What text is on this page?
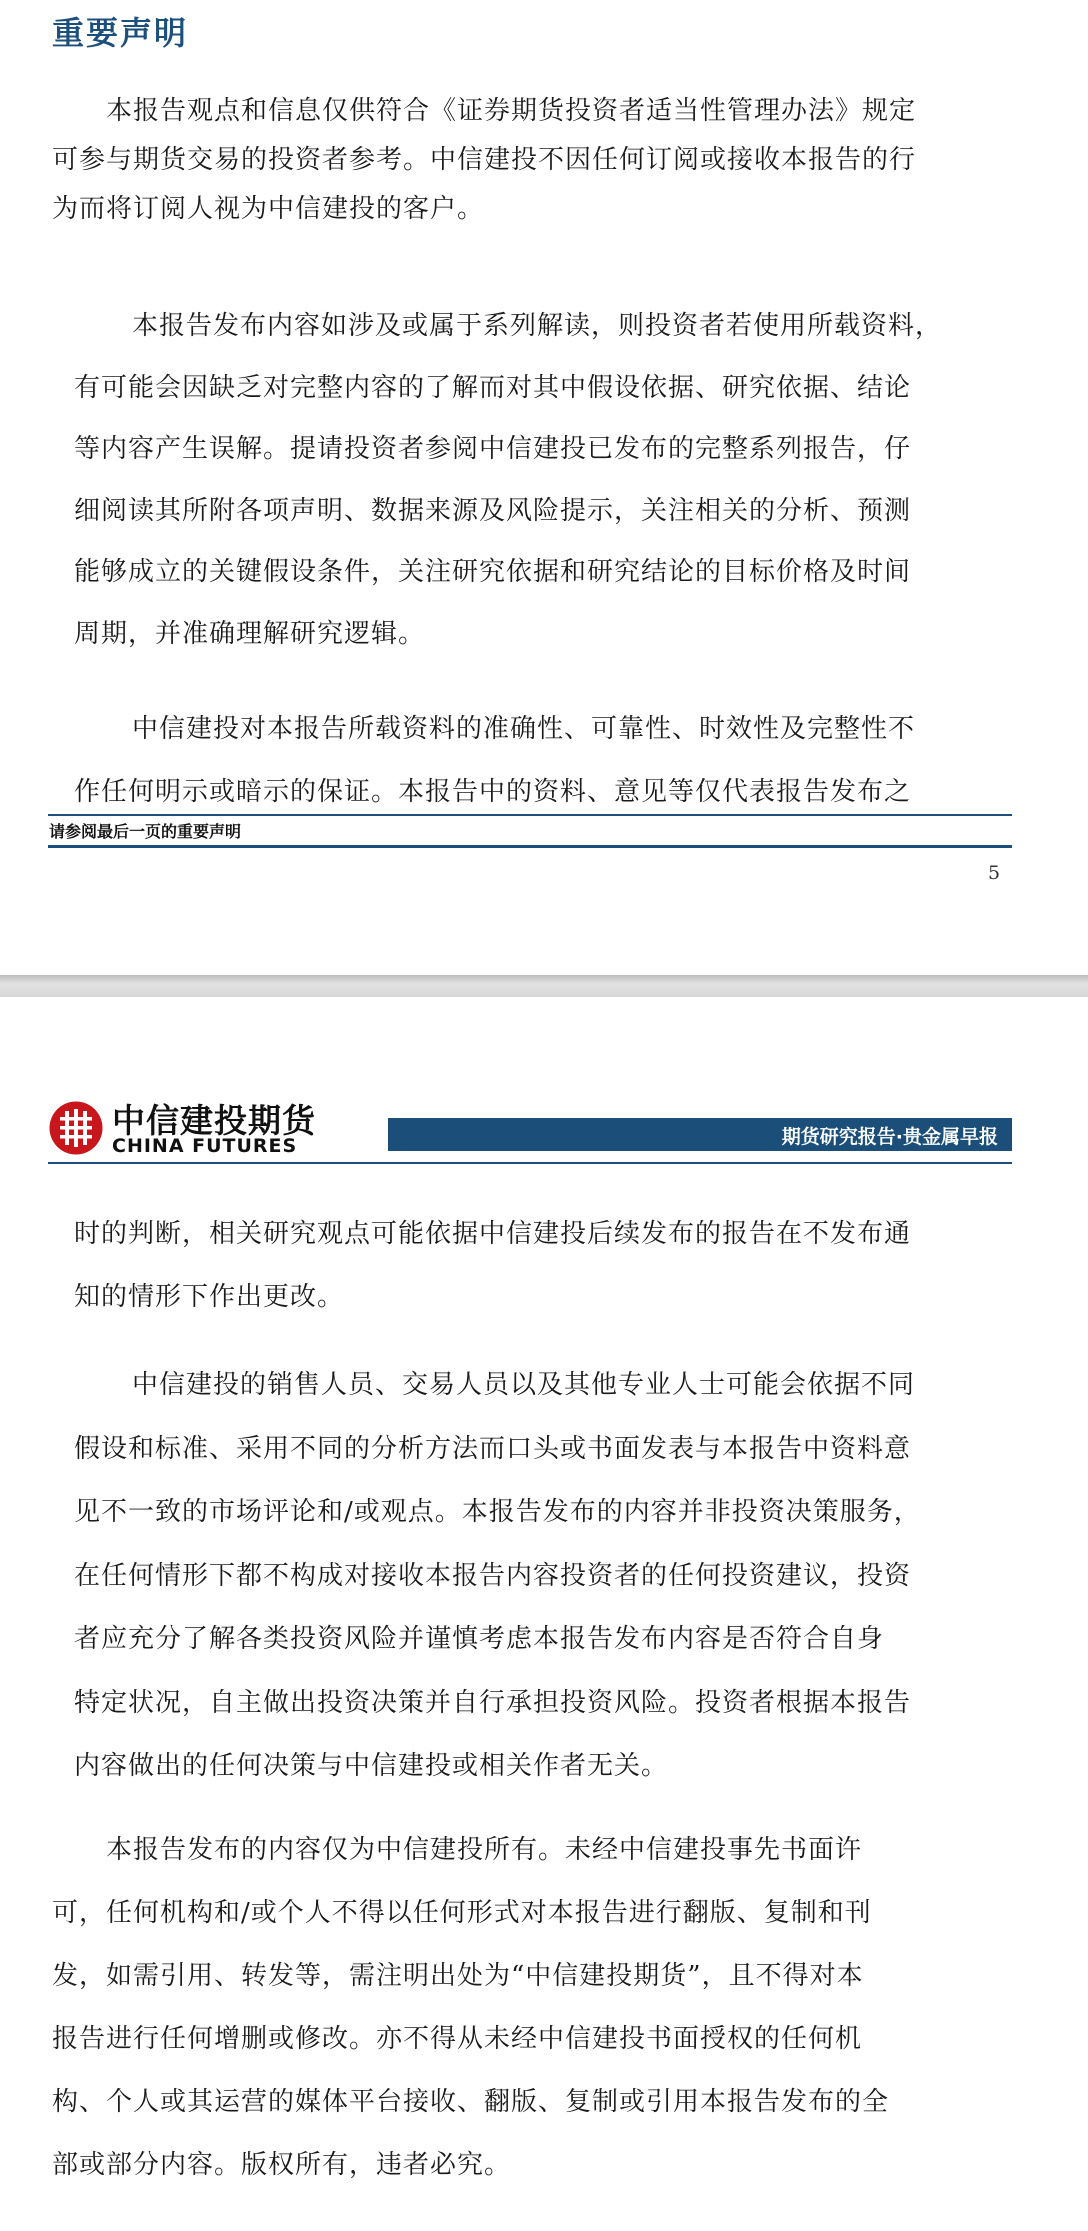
重要声明

本报告观点和信息仅供符合《证券期货投资者适当性管理办法》规定
可参与期货交易的投资者参考。中信建投不因任何订阅或接收本报告的行
为而将订阅人视为中信建投的客户。

本报告发布内容如涉及或属于系列解读，则投资者若使用所载资料，
有可能会因缺乏对完整内容的了解而对其中假设依据、研究依据、结论
等内容产生误解。提请投资者参阅中信建投已发布的完整系列报告，仔
细阅读其所附各项声明、数据来源及风险提示，关注相关的分析、预测
能够成立的关键假设条件，关注研究依据和研究结论的目标价格及时间
周期，并准确理解研究逻辑。

中信建投对本报告所载资料的准确性、可靠性、时效性及完整性不
作任何明示或暗示的保证。本报告中的资料、意见等仅代表报告发布之

请参阅最后一页的重要声明

5

中信建投期货

CHINA FUTURES	期货研究报告·贵金属早报

时的判断，相关研究观点可能依据中信建投后续发布的报告在不发布通
知的情形下作出更改。

中信建投的销售人员、交易人员以及其他专业人士可能会依据不同
假设和标准、采用不同的分析方法而口头或书面发表与本报告中资料意
见不一致的市场评论和/或观点。本报告发布的内容并非投资决策服务，
在任何情形下都不构成对接收本报告内容投资者的任何投资建议，投资
者应充分了解各类投资风险并谨慎考虑本报告发布内容是否符合自身
特定状况，自主做出投资决策并自行承担投资风险。投资者根据本报告
内容做出的任何决策与中信建投或相关作者无关。

本报告发布的内容仅为中信建投所有。未经中信建投事先书面许
可，任何机构和/或个人不得以任何形式对本报告进行翻版、复制和刊
发，如需引用、转发等，需注明出处为“中信建投期货”，且不得对本
报告进行任何增删或修改。亦不得从未经中信建投书面授权的任何机
构、个人或其运营的媒体平台接收、翻版、复制或引用本报告发布的全
部或部分内容。版权所有，违者必究。
